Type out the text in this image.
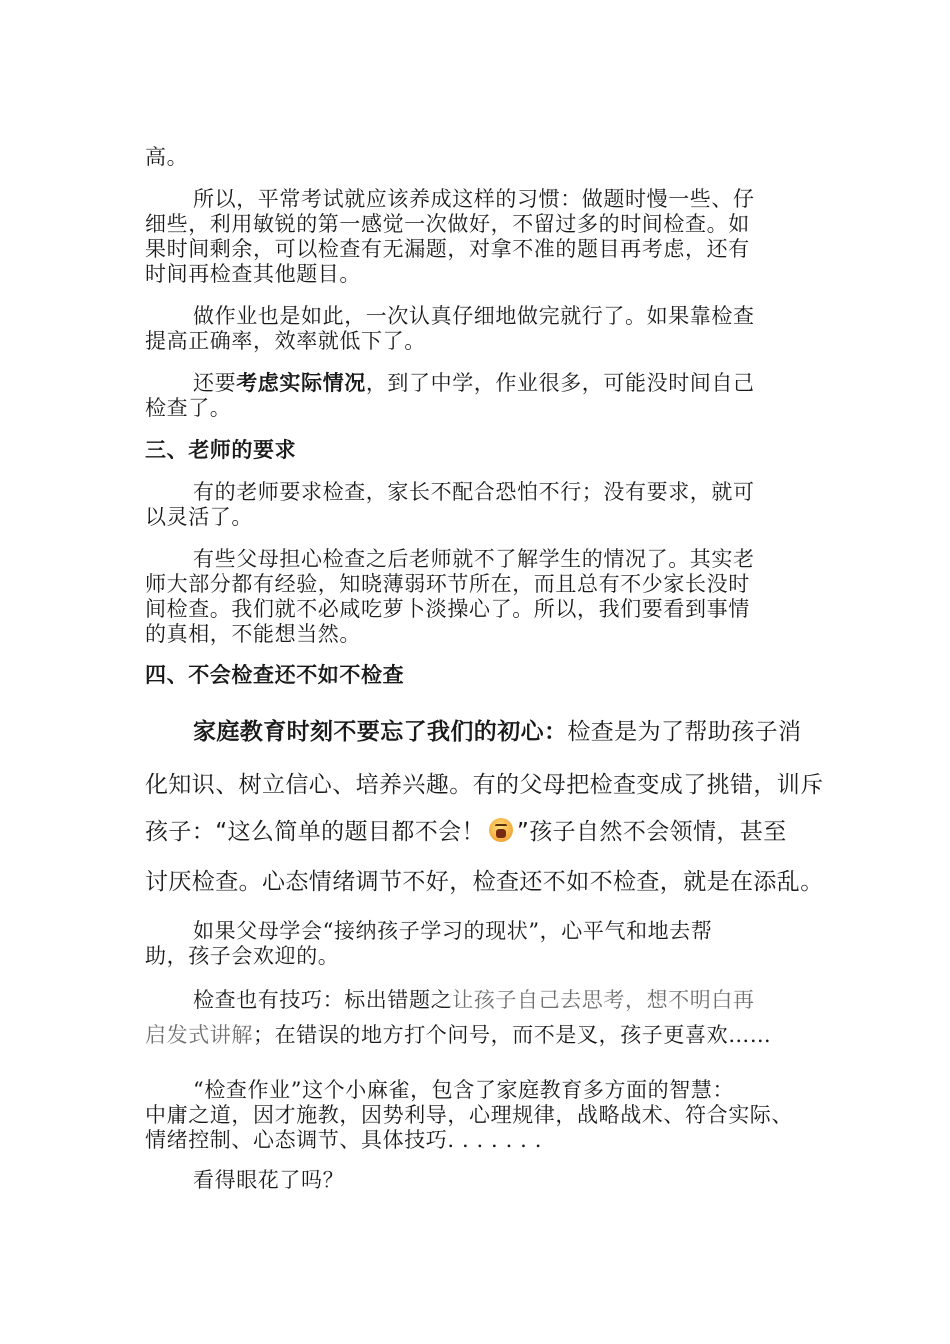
高。

所以，平常考试就应该养成这样的习惯：做题时慢一些、仔

细些，利用敏锐的第一感觉一次做好，不留过多的时间检查。如

果时间剩余，可以检查有无漏题，对拿不准的题目再考虑，还有

时间再检查其他题目。

做作业也是如此，一次认真仔细地做完就行了。如果靠检查

提高正确率，效率就低下了。

还要考虑实际情况，到了中学，作业很多，可能没时间自己

检查了。

三、老师的要求

有的老师要求检查，家长不配合恐怕不行；没有要求，就可

以灵活了。

有些父母担心检查之后老师就不了解学生的情况了。其实老

师大部分都有经验，知晓薄弱环节所在，而且总有不少家长没时

间检查。我们就不必咸吃萝卜淡操心了。所以，我们要看到事情

的真相，不能想当然。

四、不会检查还不如不检查

家庭教育时刻不要忘了我们的初心：检查是为了帮助孩子消

化知识、树立信心、培养兴趣。有的父母把检查变成了挑错，训斥

孩子：“这么简单的题目都不会！ ”孩子自然不会领情，甚至

讨厌检查。心态情绪调节不好，检查还不如不检查，就是在添乱。

如果父母学会“接纳孩子学习的现状”，心平气和地去帮

助，孩子会欢迎的。

检查也有技巧：标出错题之让孩子自己去思考，想不明白再

启发式讲解；在错误的地方打个问号，而不是叉，孩子更喜欢……

“检查作业”这个小麻雀，包含了家庭教育多方面的智慧：

中庸之道，因才施教，因势利导，心理规律，战略战术、符合实际、

情绪控制、心态调节、具体技巧. . . . . . .

看得眼花了吗？
